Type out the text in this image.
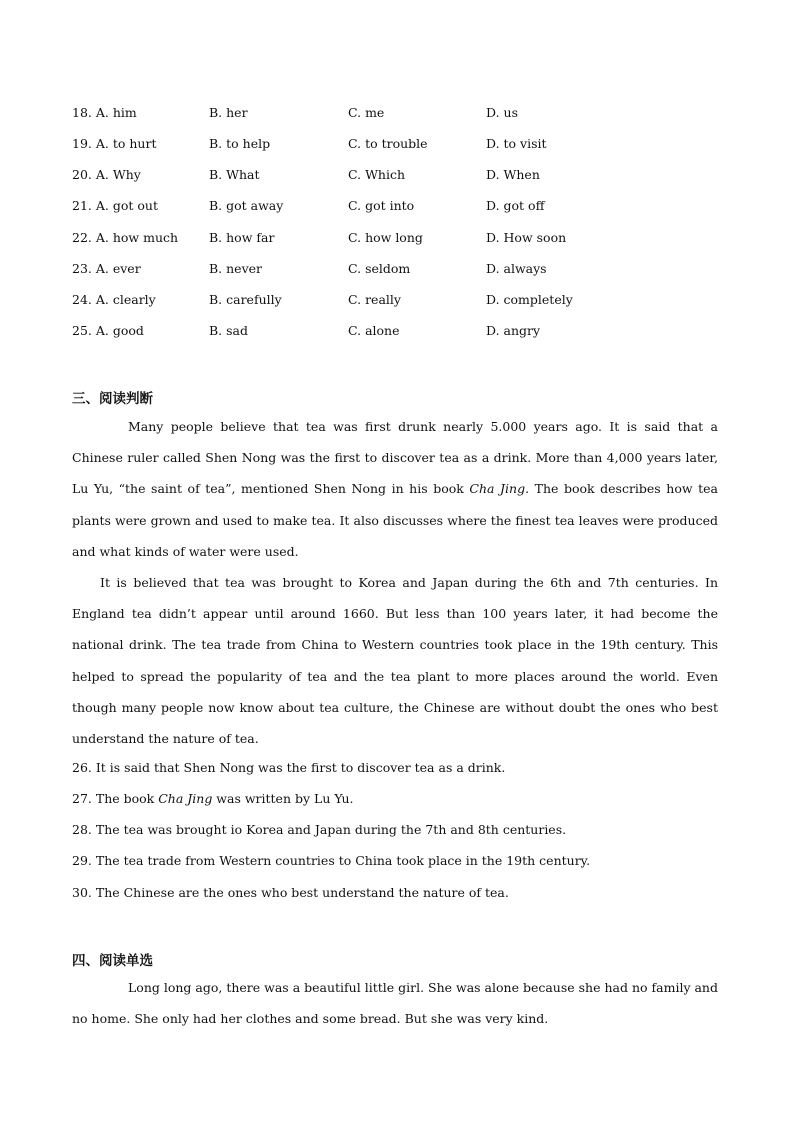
18. A. him	B. her	C. me	D. us
19. A. to hurt	B. to help	C. to trouble	D. to visit
20. A. Why	B. What	C. Which	D. When
21. A. got out	B. got away	C. got into	D. got off
22. A. how much B. how far	C. how long	D. How soon
23. A. ever	B. never	C. seldom	D. always
24. A. clearly	B. carefully	C. really	D. completely
25. A. good	B. sad	C. alone	D. angry
三、阅读判断

Many people believe that tea was first drunk nearly 5.000 years ago. It is said that a Chinese ruler called Shen Nong was the first to discover tea as a drink. More than 4,000 years later, Lu Yu, “the saint of tea”, mentioned Shen Nong in his book Cha Jing. The book describes how tea plants were grown and used to make tea. It also discusses where the finest tea leaves were produced and what kinds of water were used.

It is believed that tea was brought to Korea and Japan during the 6th and 7th centuries. In England tea didn’t appear until around 1660. But less than 100 years later, it had become the national drink. The tea trade from China to Western countries took place in the 19th century. This helped to spread the popularity of tea and the tea plant to more places around the world. Even though many people now know about tea culture, the Chinese are without doubt the ones who best understand the nature of tea.

26. It is said that Shen Nong was the first to discover tea as a drink.
27. The book Cha Jing was written by Lu Yu.
28. The tea was brought io Korea and Japan during the 7th and 8th centuries.
29. The tea trade from Western countries to China took place in the 19th century.
30. The Chinese are the ones who best understand the nature of tea.
四、阅读单选

Long long ago, there was a beautiful little girl. She was alone because she had no family and no home. She only had her clothes and some bread. But she was very kind.
